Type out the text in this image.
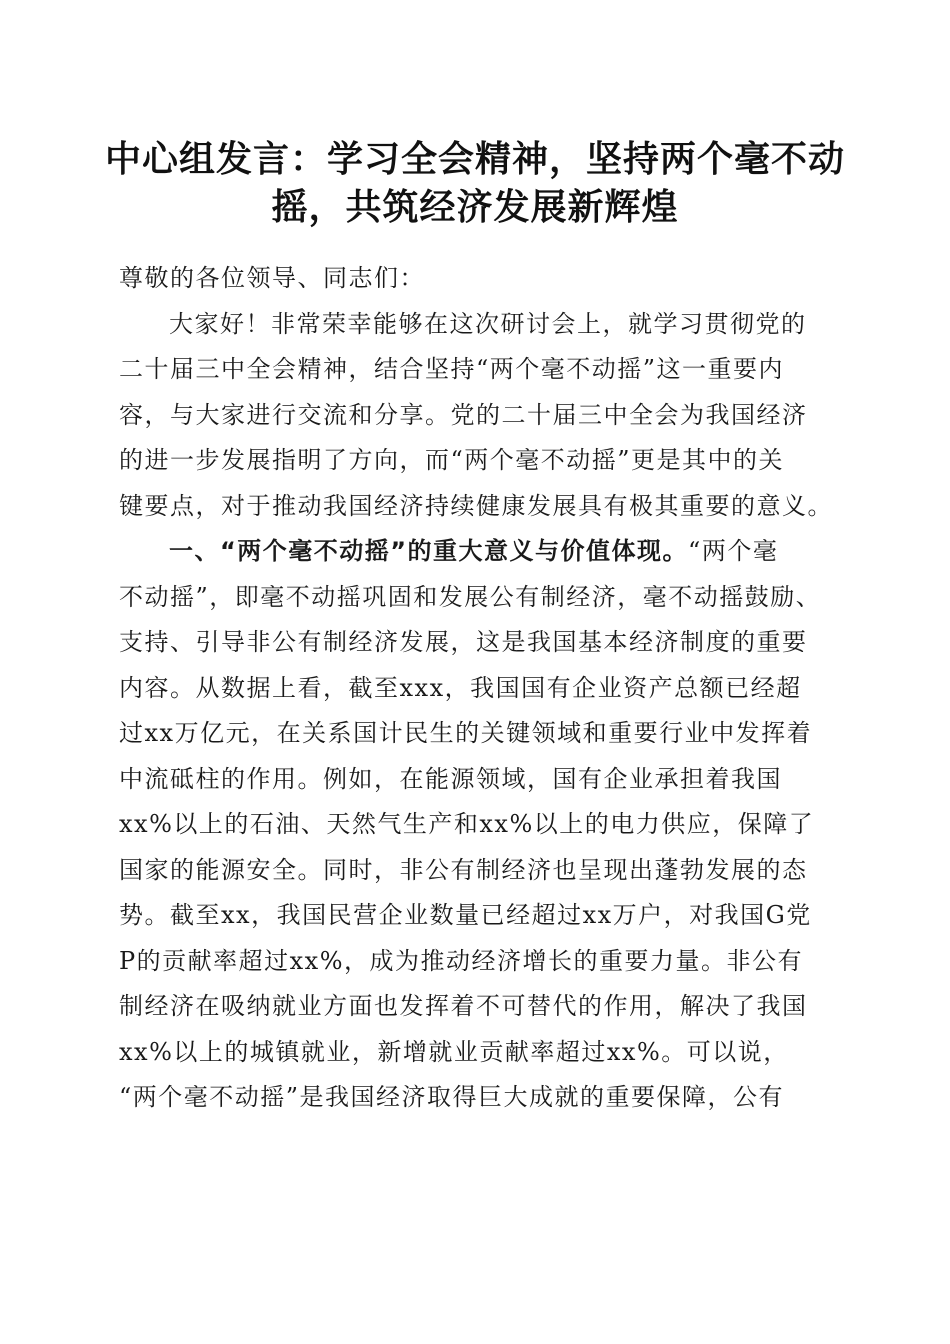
中心组发言：学习全会精神，坚持两个毫不动
摇，共筑经济发展新辉煌
尊敬的各位领导、同志们：
大家好！非常荣幸能够在这次研讨会上，就学习贯彻党的
二十届三中全会精神，结合坚持“两个毫不动摇”这一重要内
容，与大家进行交流和分享。党的二十届三中全会为我国经济
的进一步发展指明了方向，而“两个毫不动摇”更是其中的关
键要点，对于推动我国经济持续健康发展具有极其重要的意义。
一、“两个毫不动摇”的重大意义与价值体现。“两个毫
不动摇”，即毫不动摇巩固和发展公有制经济，毫不动摇鼓励、
支持、引导非公有制经济发展，这是我国基本经济制度的重要
内容。从数据上看，截至xxx，我国国有企业资产总额已经超
过xx万亿元，在关系国计民生的关键领域和重要行业中发挥着
中流砥柱的作用。例如，在能源领域，国有企业承担着我国
xx%以上的石油、天然气生产和xx%以上的电力供应，保障了
国家的能源安全。同时，非公有制经济也呈现出蓬勃发展的态
势。截至xx，我国民营企业数量已经超过xx万户，对我国G党
P的贡献率超过xx%，成为推动经济增长的重要力量。非公有
制经济在吸纳就业方面也发挥着不可替代的作用，解决了我国
xx%以上的城镇就业，新增就业贡献率超过xx%。可以说，
“两个毫不动摇”是我国经济取得巨大成就的重要保障，公有
